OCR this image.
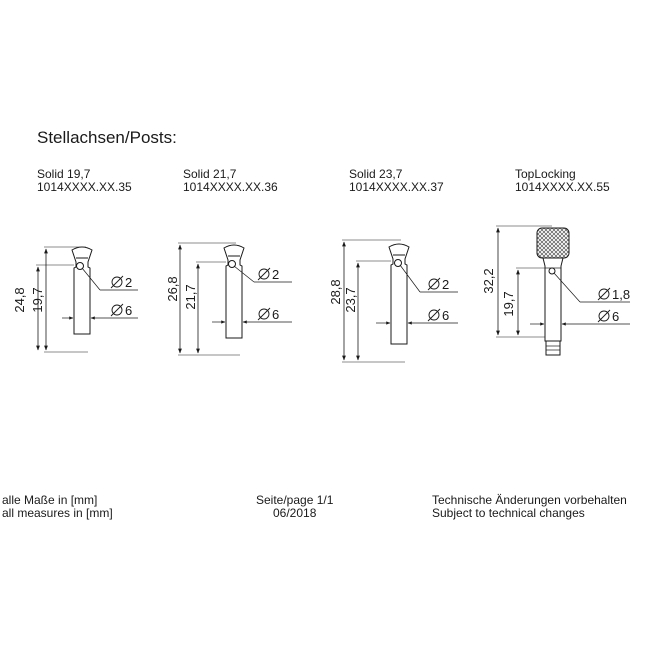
Stellachsen/Posts:
Solid 19,7
1014XXXX.XX.35
Solid 21,7
1014XXXX.XX.36
Solid 23,7
1014XXXX.XX.37
TopLocking
1014XXXX.XX.55
24,8 19,7
2
6
26,8 21,7
2
6
28,8 23,7
2
6
32,2
19,7	1,8
6
alle Maße in [mm]
all measures in [mm]
Seite/page 1/1
06/2018
Technische Änderungen vorbehalten
Subject to technical changes
